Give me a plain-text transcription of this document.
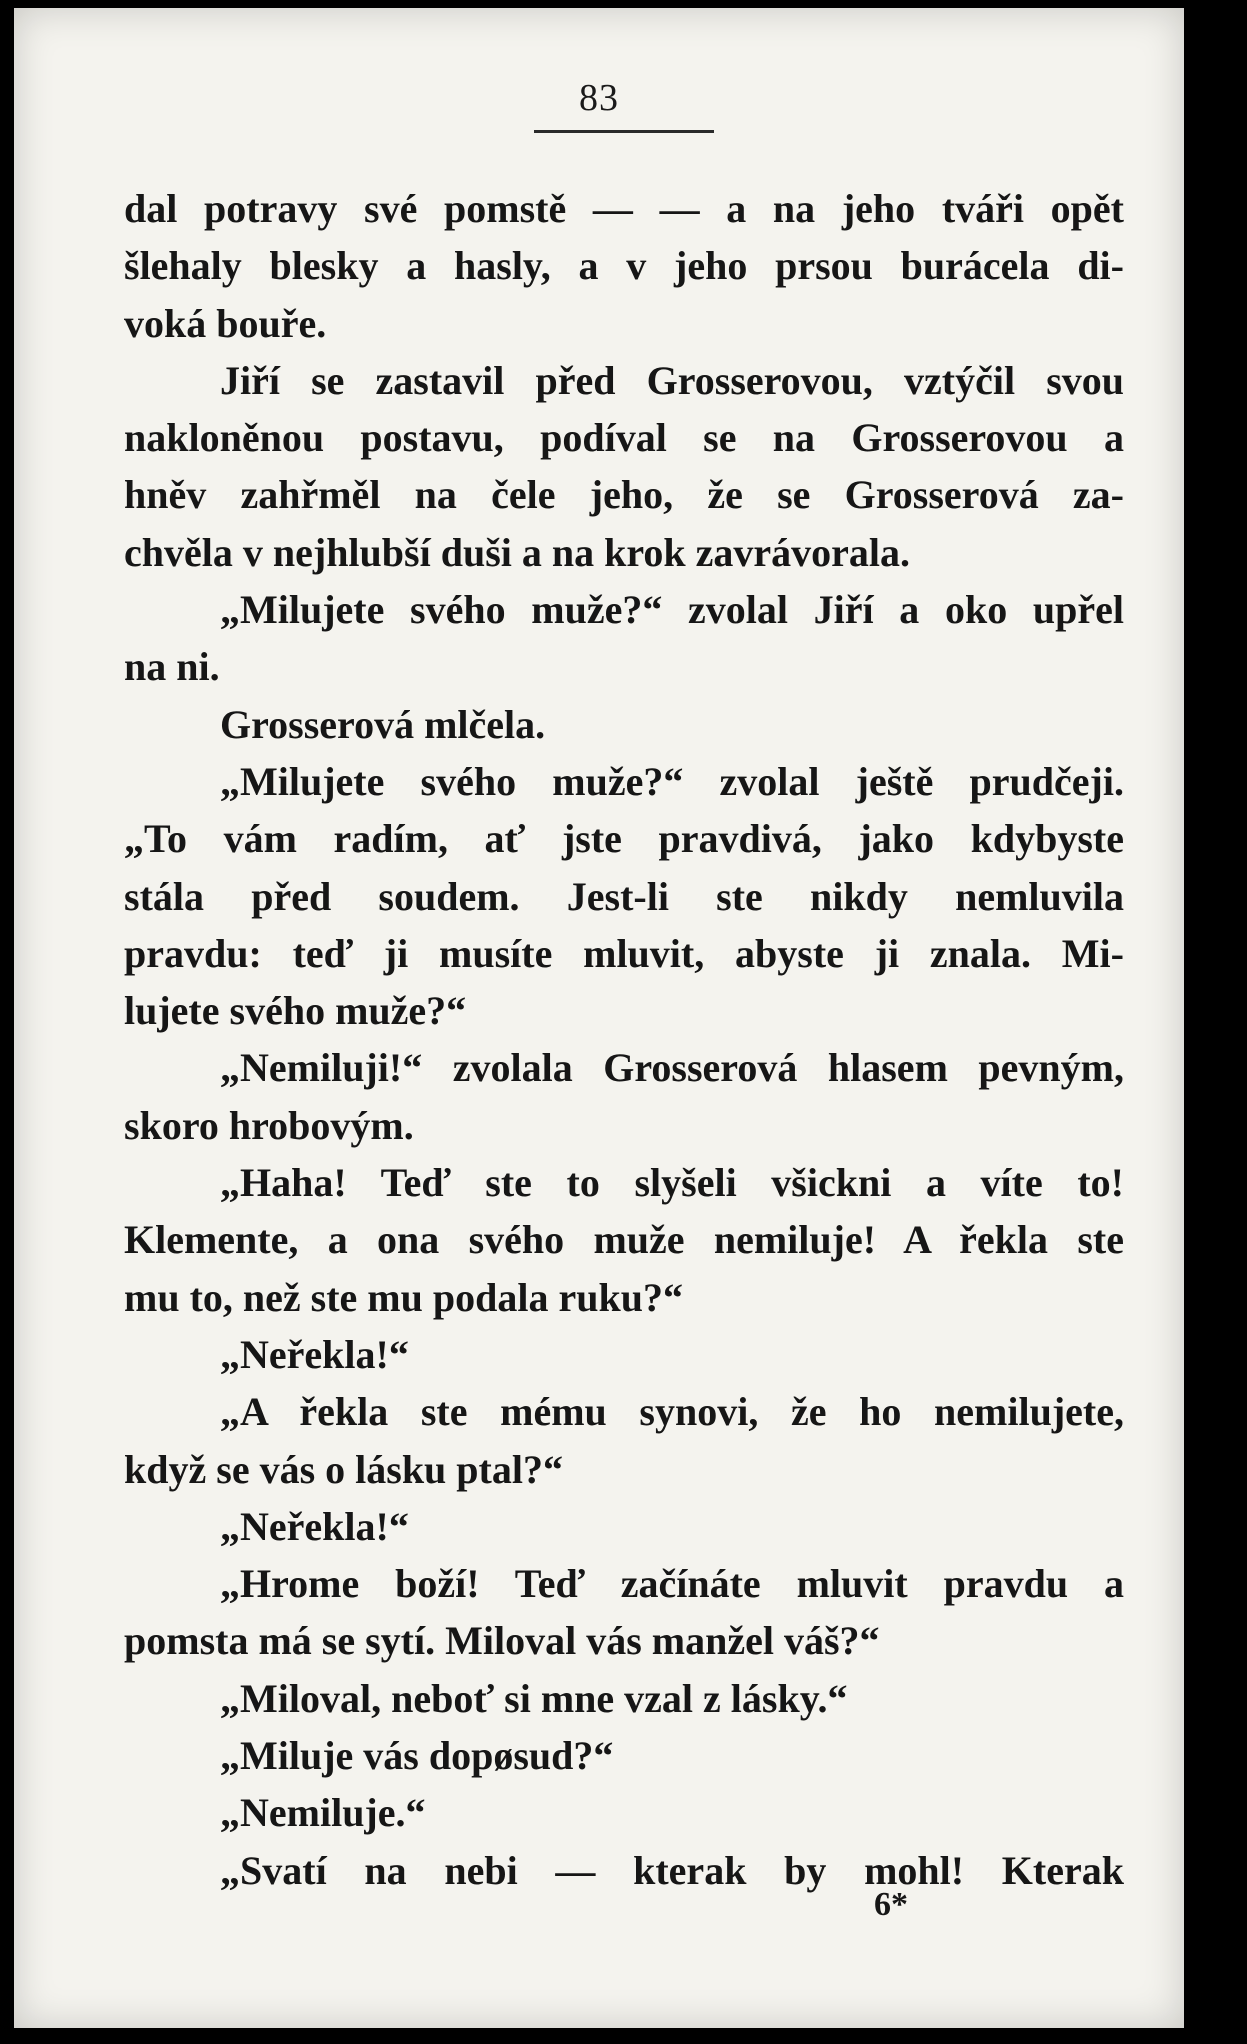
83
dal potravy své pomstě — — a na jeho tváři opět
šlehaly blesky a hasly, a v jeho prsou burácela di-
voká bouře.
Jiří se zastavil před Grosserovou, vztýčil svou
nakloněnou postavu, podíval se na Grosserovou a
hněv zahřměl na čele jeho, že se Grosserová za-
chvěla v nejhlubší duši a na krok zavrávorala.
„Milujete svého muže?“ zvolal Jiří a oko upřel
na ni.
Grosserová mlčela.
„Milujete svého muže?“ zvolal ještě prudčeji.
„To vám radím, ať jste pravdivá, jako kdybyste
stála před soudem. Jest-li ste nikdy nemluvila
pravdu: teď ji musíte mluvit, abyste ji znala. Mi-
lujete svého muže?“
„Nemiluji!“ zvolala Grosserová hlasem pevným,
skoro hrobovým.
„Haha! Teď ste to slyšeli všickni a víte to!
Klemente, a ona svého muže nemiluje! A řekla ste
mu to, než ste mu podala ruku?“
„Neřekla!“
„A řekla ste mému synovi, že ho nemilujete,
když se vás o lásku ptal?“
„Neřekla!“
„Hrome boží! Teď začínáte mluvit pravdu a
pomsta má se sytí. Miloval vás manžel váš?“
„Miloval, neboť si mne vzal z lásky.“
„Miluje vás dopøsud?“
„Nemiluje.“
„Svatí na nebi — kterak by mohl! Kterak
6*
